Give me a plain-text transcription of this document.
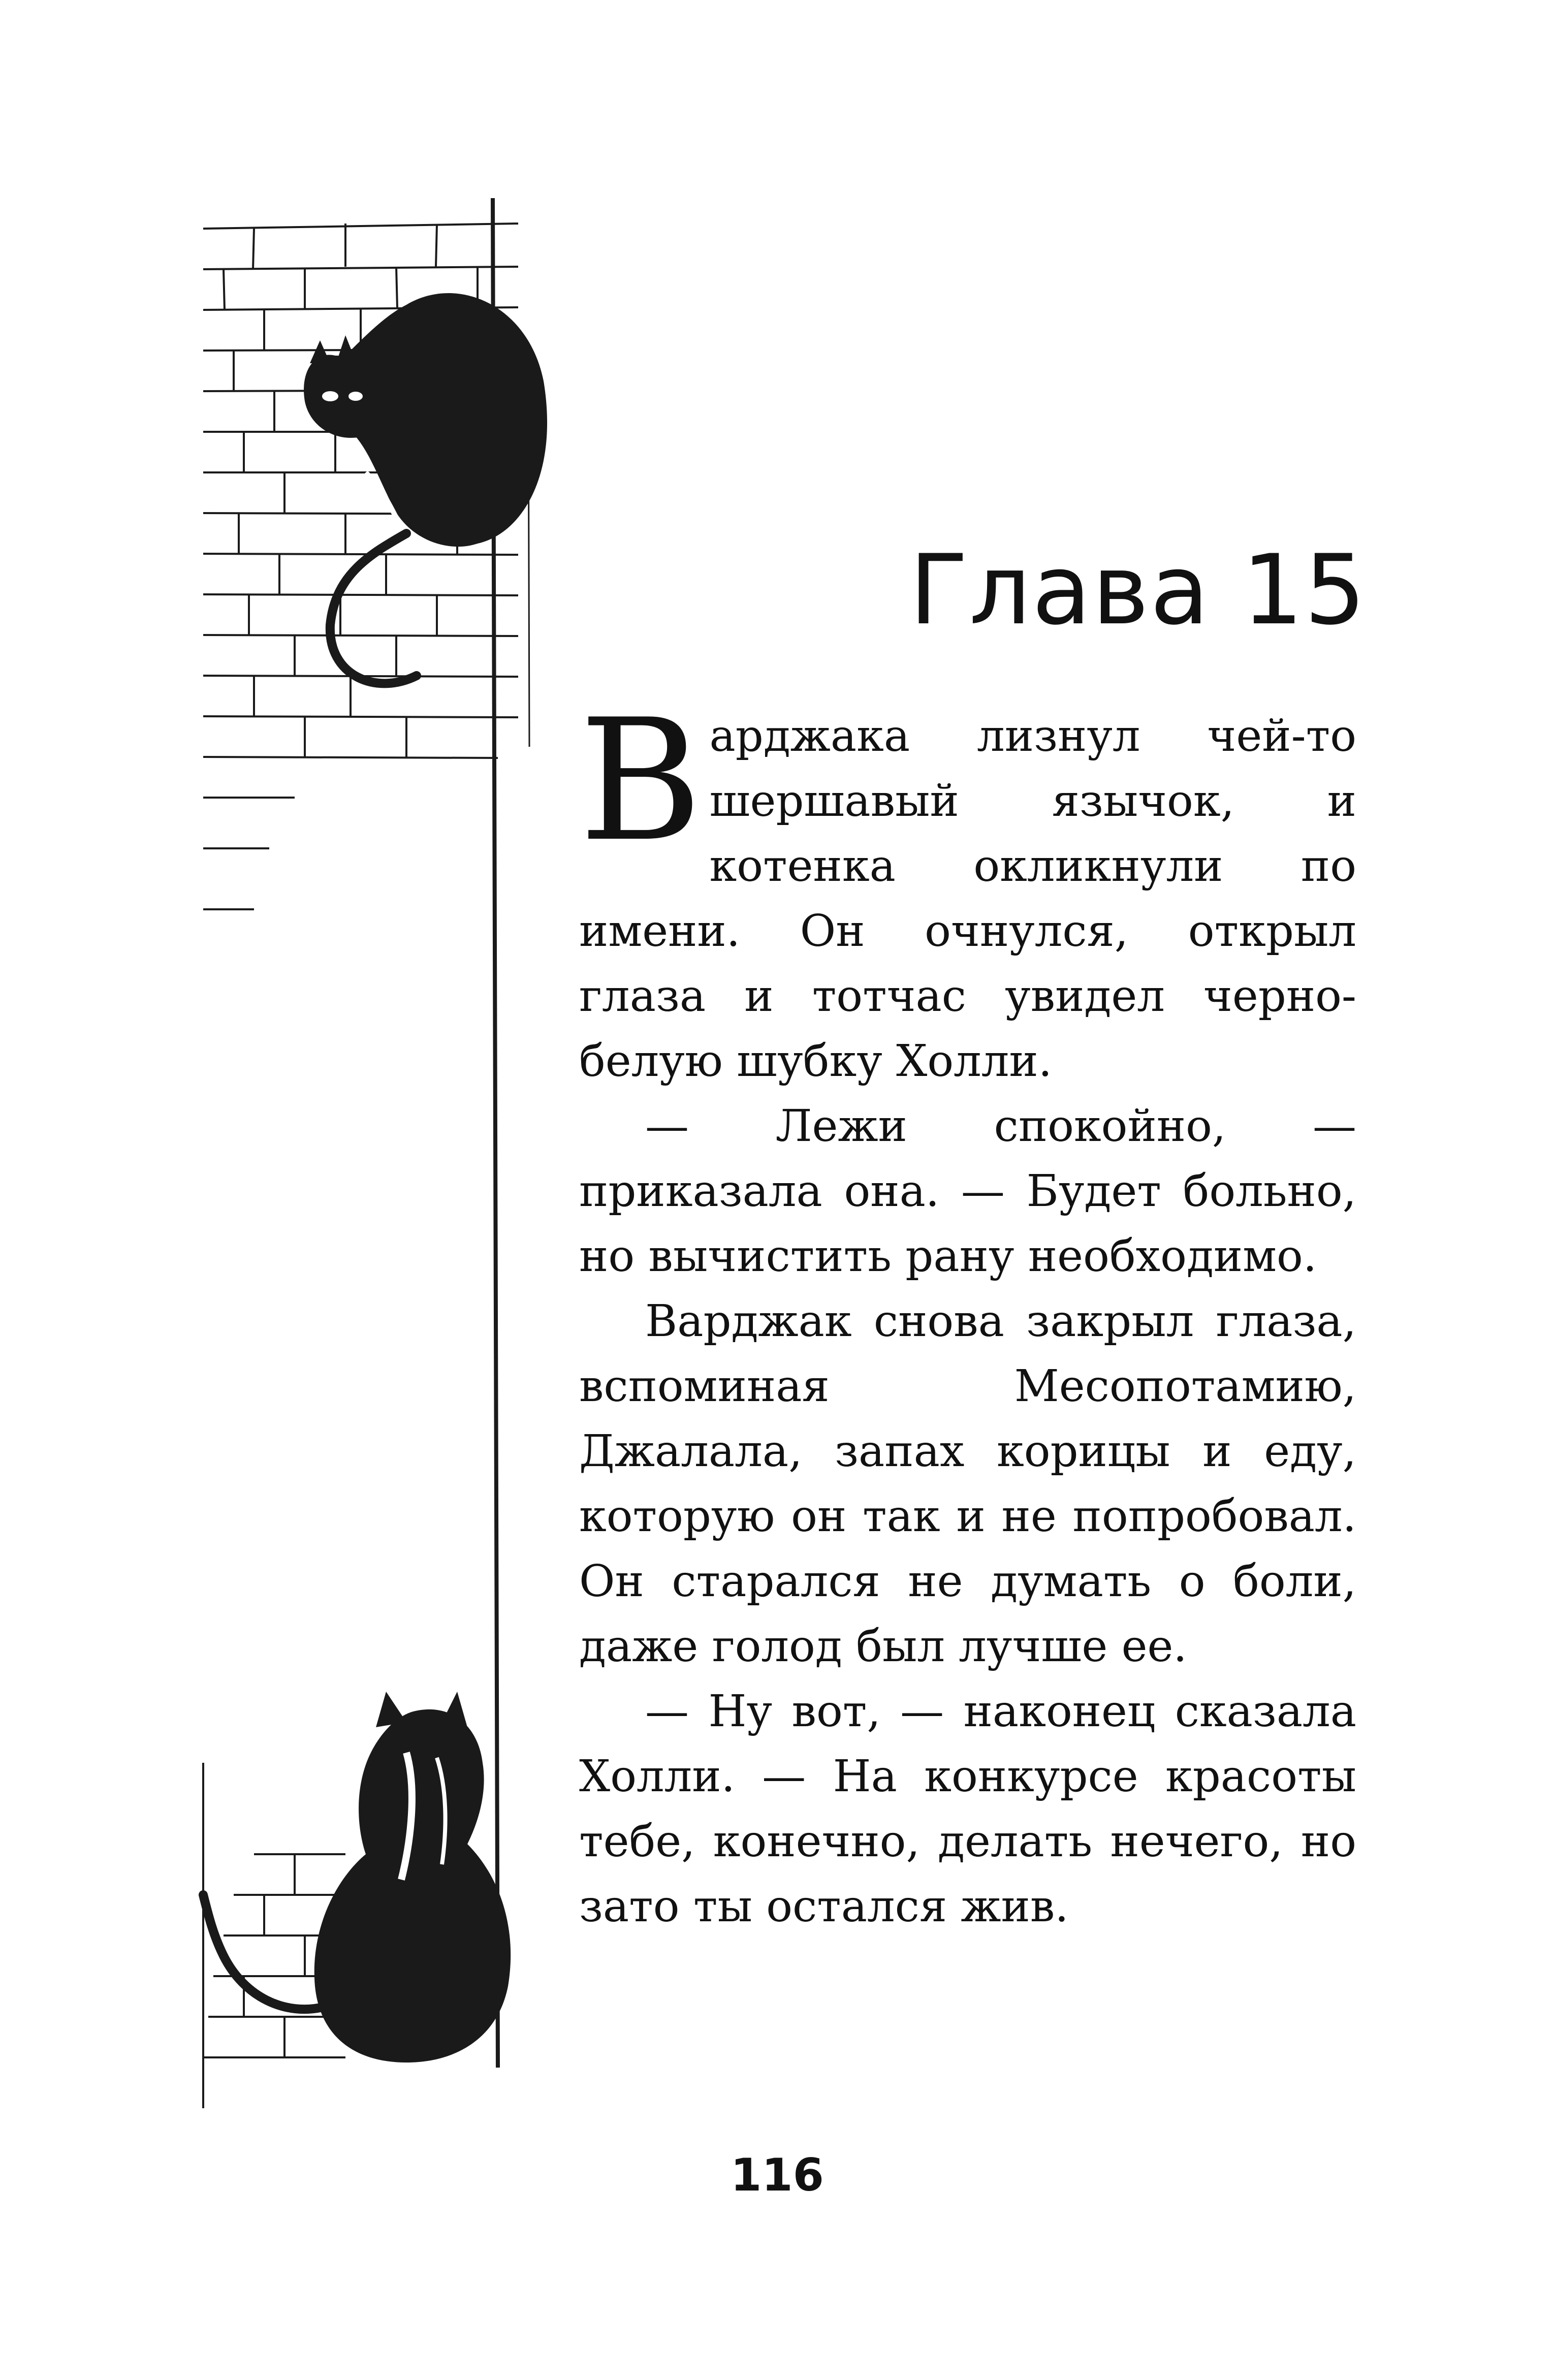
Глава 15

Варджака лизнул чей-то шершавый язычок, и котенка окликнули по имени. Он очнулся, открыл глаза и тотчас увидел черно-белую шубку Холли.

— Лежи спокойно, — приказала она. — Будет больно, но вычистить рану необходимо.

Варджак снова закрыл глаза, вспоминая Месопотамию, Джалала, запах корицы и еду, которую он так и не попробовал. Он старался не думать о боли, даже голод был лучше ее.

— Ну вот, — наконец сказала Холли. — На конкурсе красоты тебе, конечно, делать нечего, но зато ты остался жив.

116
